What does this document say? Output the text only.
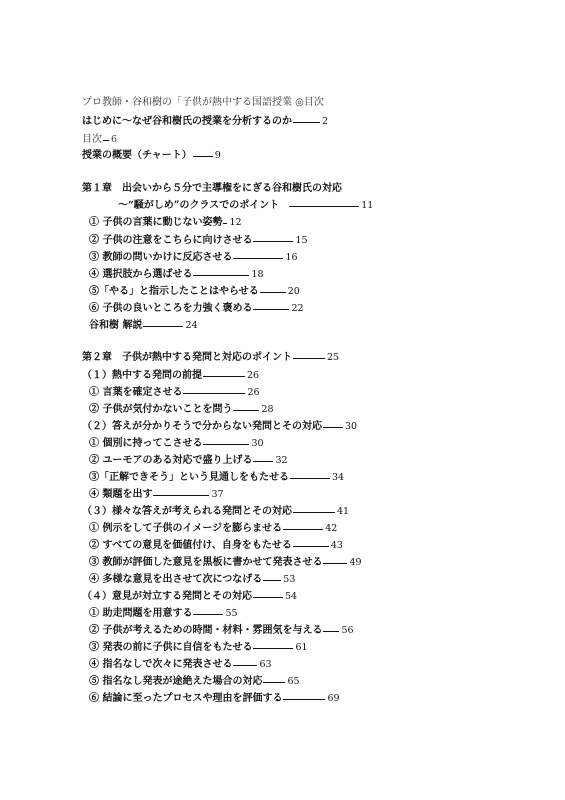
プロ教師・谷和樹の「子供が熱中する国語授業 ◎目次
はじめに〜なぜ谷和樹氏の授業を分析するのか	2
目次 6
授業の概要（チャート） 9
第１章　出会いから５分で主導権をにぎる谷和樹氏の対応
〜“騒がしめ”のクラスでのポイント	11
① 子供の言葉に動じない姿勢 12
② 子供の注意をこちらに向けさせる	15
③ 教師の問いかけに反応させる	16
④ 選択肢から選ばせる	18
⑤「やる」と指示したことはやらせる	20
⑥ 子供の良いところを力強く褒める	22
谷和樹 解説	24
第２章　子供が熱中する発問と対応のポイント	25
（１）熱中する発問の前提	26
① 言葉を確定させる	26
② 子供が気付かないことを問う	28
（２）答えが分かりそうで分からない発問とその対応 30
① 個別に持ってこさせる	30
② ユーモアのある対応で盛り上げる 32
③「正解できそう」という見通しをもたせる	34
④ 類題を出す	37
（３）様々な答えが考えられる発問とその対応	41
① 例示をして子供のイメージを膨らませる	42
② すべての意見を価値付け、自身をもたせる	43
③ 教師が評価した意見を黒板に書かせて発表させる	49
④ 多様な意見を出させて次につなげる 53
（４）意見が対立する発問とその対応	54
① 助走問題を用意する	55
② 子供が考えるための時間・材料・雰囲気を与える 56
③ 発表の前に子供に自信をもたせる	61
④ 指名なしで次々に発表させる	63
⑤ 指名なし発表が途絶えた場合の対応	65
⑥ 結論に至ったプロセスや理由を評価する	69
